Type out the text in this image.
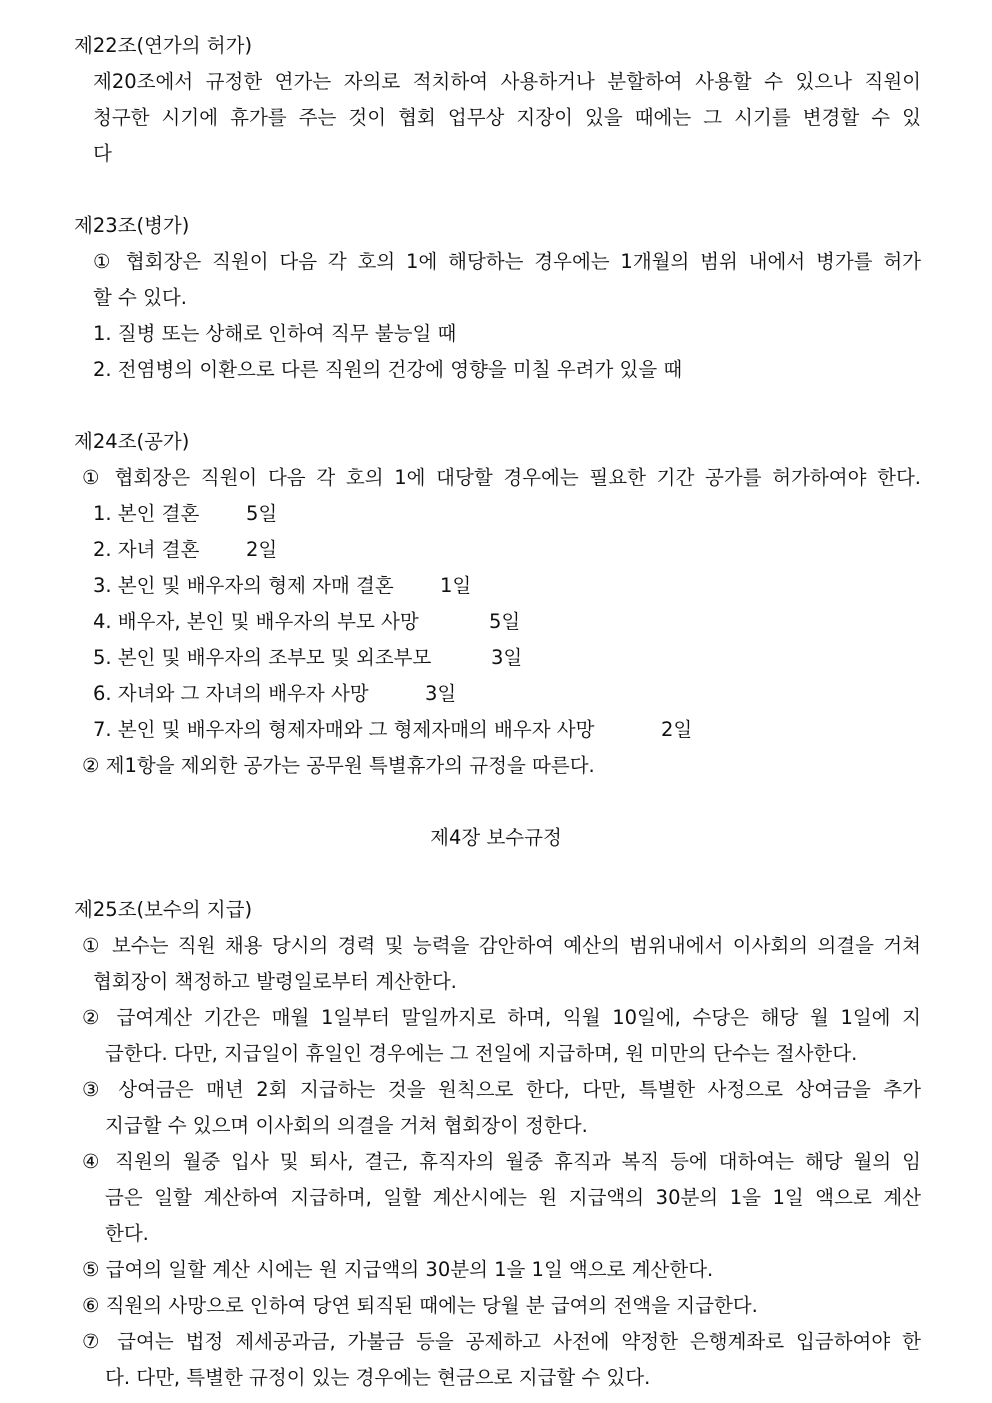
제22조(연가의 허가)
제20조에서 규정한 연가는 자의로 적치하여 사용하거나 분할하여 사용할 수 있으나 직원이
청구한 시기에 휴가를 주는 것이 협회 업무상 지장이 있을 때에는 그 시기를 변경할 수 있
다
제23조(병가)
① 협회장은 직원이 다음 각 호의 1에 해당하는 경우에는 1개월의 범위 내에서 병가를 허가
할 수 있다.
1. 질병 또는 상해로 인하여 직무 불능일 때
2. 전염병의 이환으로 다른 직원의 건강에 영향을 미칠 우려가 있을 때
제24조(공가)
① 협회장은 직원이 다음 각 호의 1에 대당할 경우에는 필요한 기간 공가를 허가하여야 한다.
1. 본인 결혼 5일
2. 자녀 결혼 2일
3. 본인 및 배우자의 형제 자매 결혼 1일
4. 배우자, 본인 및 배우자의 부모 사망	5일
5. 본인 및 배우자의 조부모 및 외조부모	3일
6. 자녀와 그 자녀의 배우자 사망	3일
7. 본인 및 배우자의 형제자매와 그 형제자매의 배우자 사망	2일
② 제1항을 제외한 공가는 공무원 특별휴가의 규정을 따른다.
제4장 보수규정
제25조(보수의 지급)
① 보수는 직원 채용 당시의 경력 및 능력을 감안하여 예산의 범위내에서 이사회의 의결을 거쳐
협회장이 책정하고 발령일로부터 계산한다.
② 급여계산 기간은 매월 1일부터 말일까지로 하며, 익월 10일에, 수당은 해당 월 1일에 지
급한다. 다만, 지급일이 휴일인 경우에는 그 전일에 지급하며, 원 미만의 단수는 절사한다.
③ 상여금은 매년 2회 지급하는 것을 원칙으로 한다, 다만, 특별한 사정으로 상여금을 추가
지급할 수 있으며 이사회의 의결을 거쳐 협회장이 정한다.
④ 직원의 월중 입사 및 퇴사, 결근, 휴직자의 월중 휴직과 복직 등에 대하여는 해당 월의 임
금은 일할 계산하여 지급하며, 일할 계산시에는 원 지급액의 30분의 1을 1일 액으로 계산
한다.
⑤ 급여의 일할 계산 시에는 원 지급액의 30분의 1을 1일 액으로 계산한다.
⑥ 직원의 사망으로 인하여 당연 퇴직된 때에는 당월 분 급여의 전액을 지급한다.
⑦ 급여는 법정 제세공과금, 가불금 등을 공제하고 사전에 약정한 은행계좌로 입금하여야 한
다. 다만, 특별한 규정이 있는 경우에는 현금으로 지급할 수 있다.
